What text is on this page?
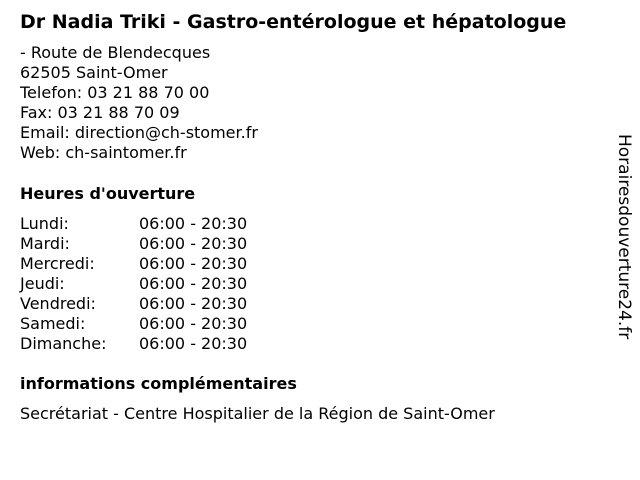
Dr Nadia Triki - Gastro-entérologue et hépatologue
- Route de Blendecques
62505 Saint-Omer
Telefon: 03 21 88 70 00
Fax: 03 21 88 70 09
Email: direction@ch-stomer.fr
Web: ch-saintomer.fr
Heures d'ouverture
Lundi:	06:00 - 20:30
Mardi:	06:00 - 20:30
Mercredi:	06:00 - 20:30
Jeudi:	06:00 - 20:30
Vendredi:	06:00 - 20:30
Samedi:	06:00 - 20:30
Dimanche: 06:00 - 20:30
informations complémentaires
Secrétariat - Centre Hospitalier de la Région de Saint-Omer
Horairesdouverture24.fr
